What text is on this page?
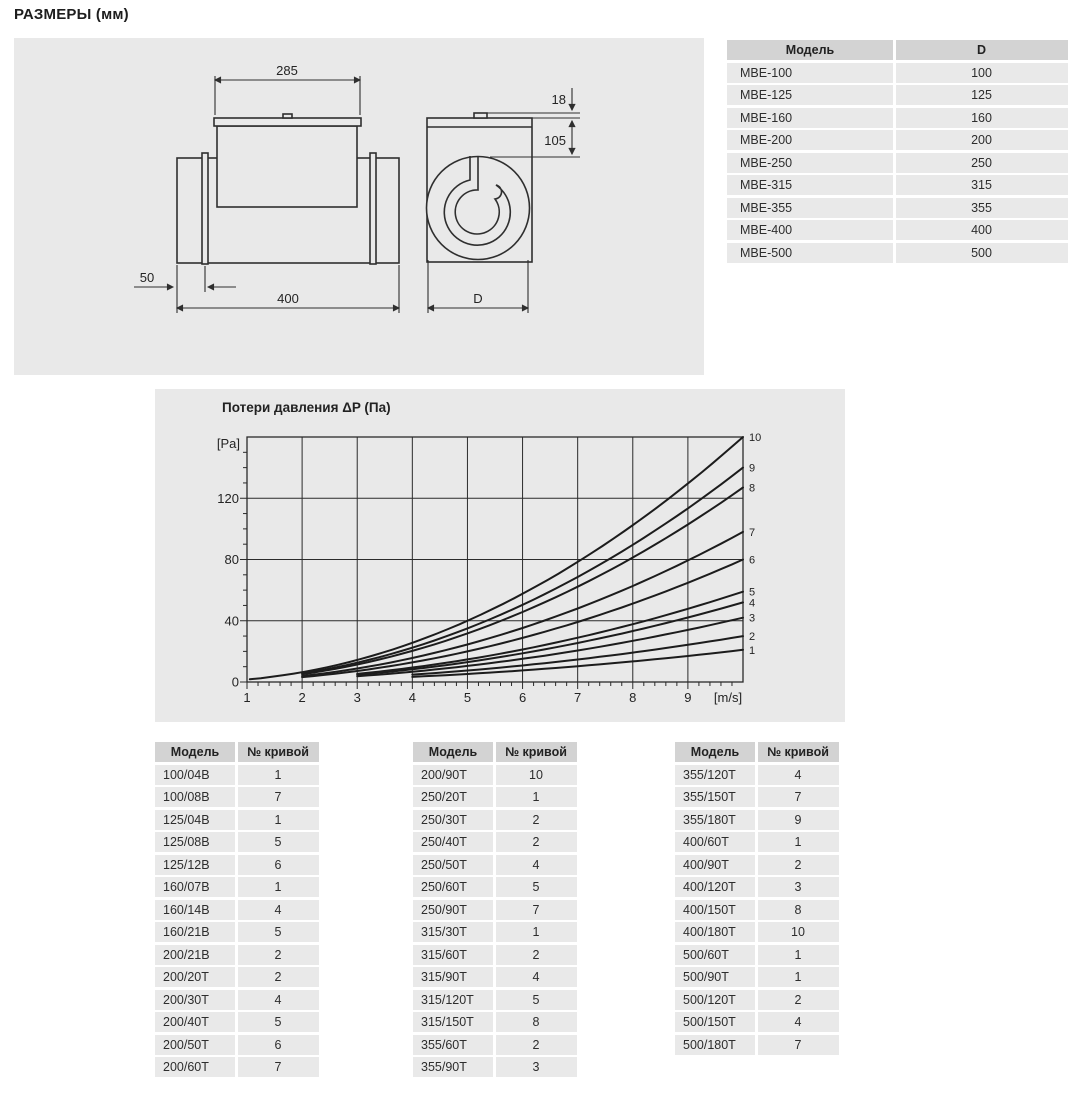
РАЗМЕРЫ (мм)
285
400
50
D
18
105
Модель	D
МВЕ-100	100
МВЕ-125	125
МВЕ-160	160
МВЕ-200	200
МВЕ-250	250
МВЕ-315	315
МВЕ-355	355
МВЕ-400	400
МВЕ-500	500
Потери давления ΔP (Па)
1	2	3	4	5	6	7	8	9 [m/s]
0
40
80
120
[Pa]
1
2
3
4
5
6
7
8
9
10
Модель	№ кривой
100/04B	1
100/08B	7
125/04B	1
125/08B	5
125/12B	6
160/07B	1
160/14B	4
160/21B	5
200/21B	2
200/20T	2
200/30T	4
200/40T	5
200/50T	6
200/60T	7
Модель	№ кривой
200/90T	10
250/20T	1
250/30T	2
250/40T	2
250/50T	4
250/60T	5
250/90T	7
315/30T	1
315/60T	2
315/90T	4
315/120T	5
315/150T	8
355/60T	2
355/90T	3
Модель	№ кривой
355/120T	4
355/150T	7
355/180T	9
400/60T	1
400/90T	2
400/120T	3
400/150T	8
400/180T	10
500/60T	1
500/90T	1
500/120T	2
500/150T	4
500/180T	7
